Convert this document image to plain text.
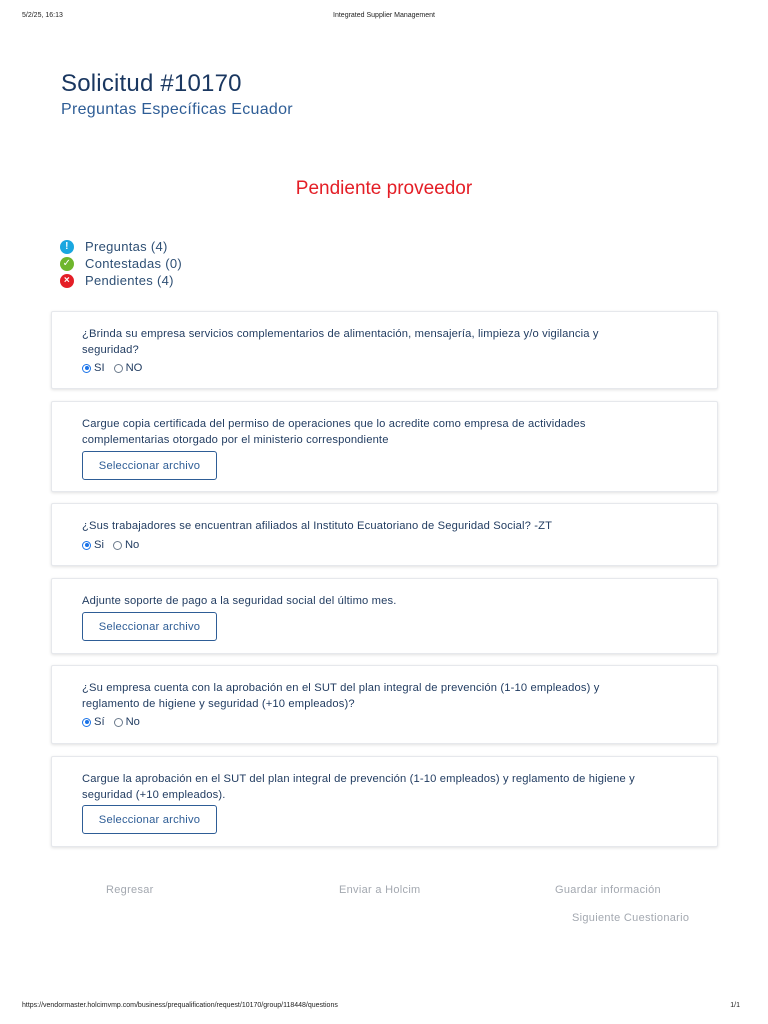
5/2/25, 16:13	Integrated Supplier Management
Solicitud #10170
Preguntas Específicas Ecuador
Pendiente proveedor
!	Preguntas (4)
✓ Contestadas (0)
×	Pendientes (4)
¿Brinda su empresa servicios complementarios de alimentación, mensajería, limpieza y/o vigilancia y seguridad?
SI NO
Cargue copia certificada del permiso de operaciones que lo acredite como empresa de actividades complementarias otorgado por el ministerio correspondiente
Seleccionar archivo
¿Sus trabajadores se encuentran afiliados al Instituto Ecuatoriano de Seguridad Social? -ZT
Si No
Adjunte soporte de pago a la seguridad social del último mes.
Seleccionar archivo
¿Su empresa cuenta con la aprobación en el SUT del plan integral de prevención (1-10 empleados) y reglamento de higiene y seguridad (+10 empleados)?
Sí No
Cargue la aprobación en el SUT del plan integral de prevención (1-10 empleados) y reglamento de higiene y seguridad (+10 empleados).
Seleccionar archivo
Regresar	Enviar a Holcim	Guardar información
Siguiente Cuestionario
https://vendormaster.holcimvmp.com/business/prequalification/request/10170/group/118448/questions	1/1
